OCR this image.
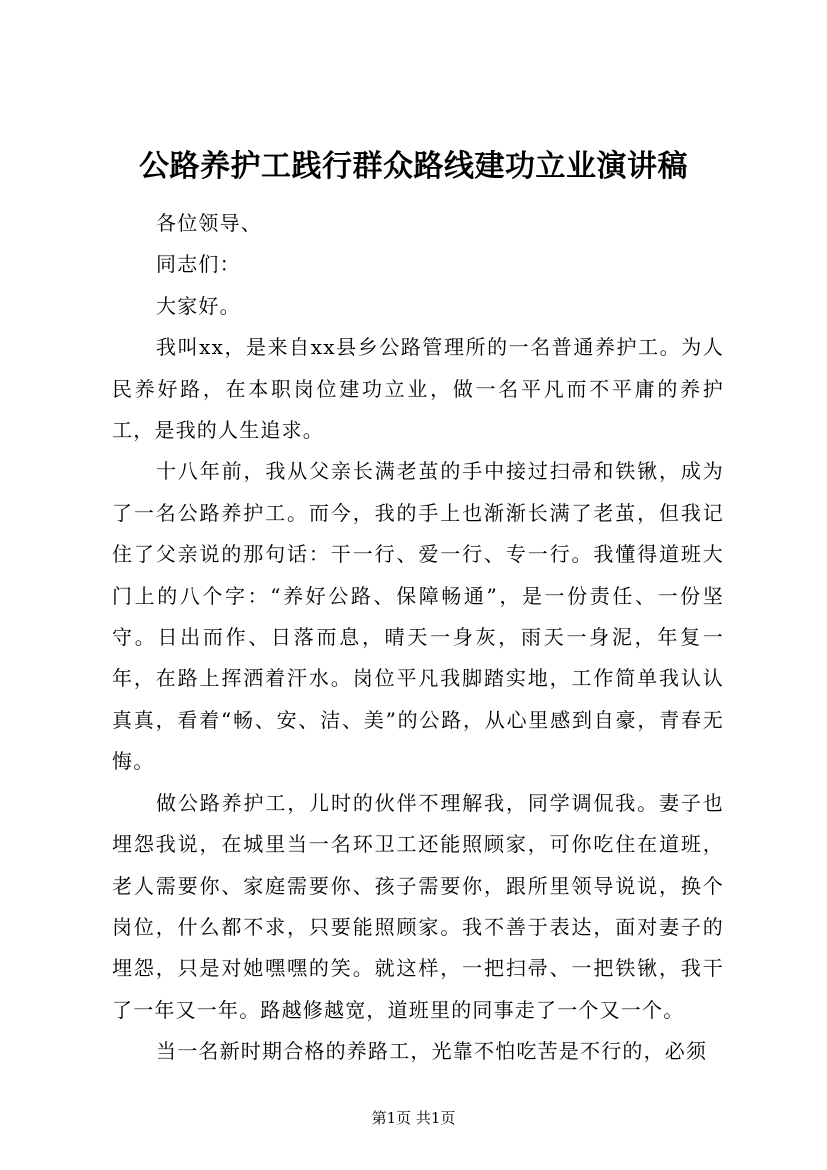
公路养护工践行群众路线建功立业演讲稿

各位领导、

同志们：

大家好。

我叫xx，是来自xx县乡公路管理所的一名普通养护工。为人民养好路，在本职岗位建功立业，做一名平凡而不平庸的养护工，是我的人生追求。

十八年前，我从父亲长满老茧的手中接过扫帚和铁锹，成为了一名公路养护工。而今，我的手上也渐渐长满了老茧，但我记住了父亲说的那句话：干一行、爱一行、专一行。我懂得道班大门上的八个字：“养好公路、保障畅通”，是一份责任、一份坚守。日出而作、日落而息，晴天一身灰，雨天一身泥，年复一年，在路上挥洒着汗水。岗位平凡我脚踏实地，工作简单我认认真真，看着“畅、安、洁、美”的公路，从心里感到自豪，青春无悔。

做公路养护工，儿时的伙伴不理解我，同学调侃我。妻子也埋怨我说，在城里当一名环卫工还能照顾家，可你吃住在道班，老人需要你、家庭需要你、孩子需要你，跟所里领导说说，换个岗位，什么都不求，只要能照顾家。我不善于表达，面对妻子的埋怨，只是对她嘿嘿的笑。就这样，一把扫帚、一把铁锹，我干了一年又一年。路越修越宽，道班里的同事走了一个又一个。

当一名新时期合格的养路工，光靠不怕吃苦是不行的，必须

第1页 共1页
